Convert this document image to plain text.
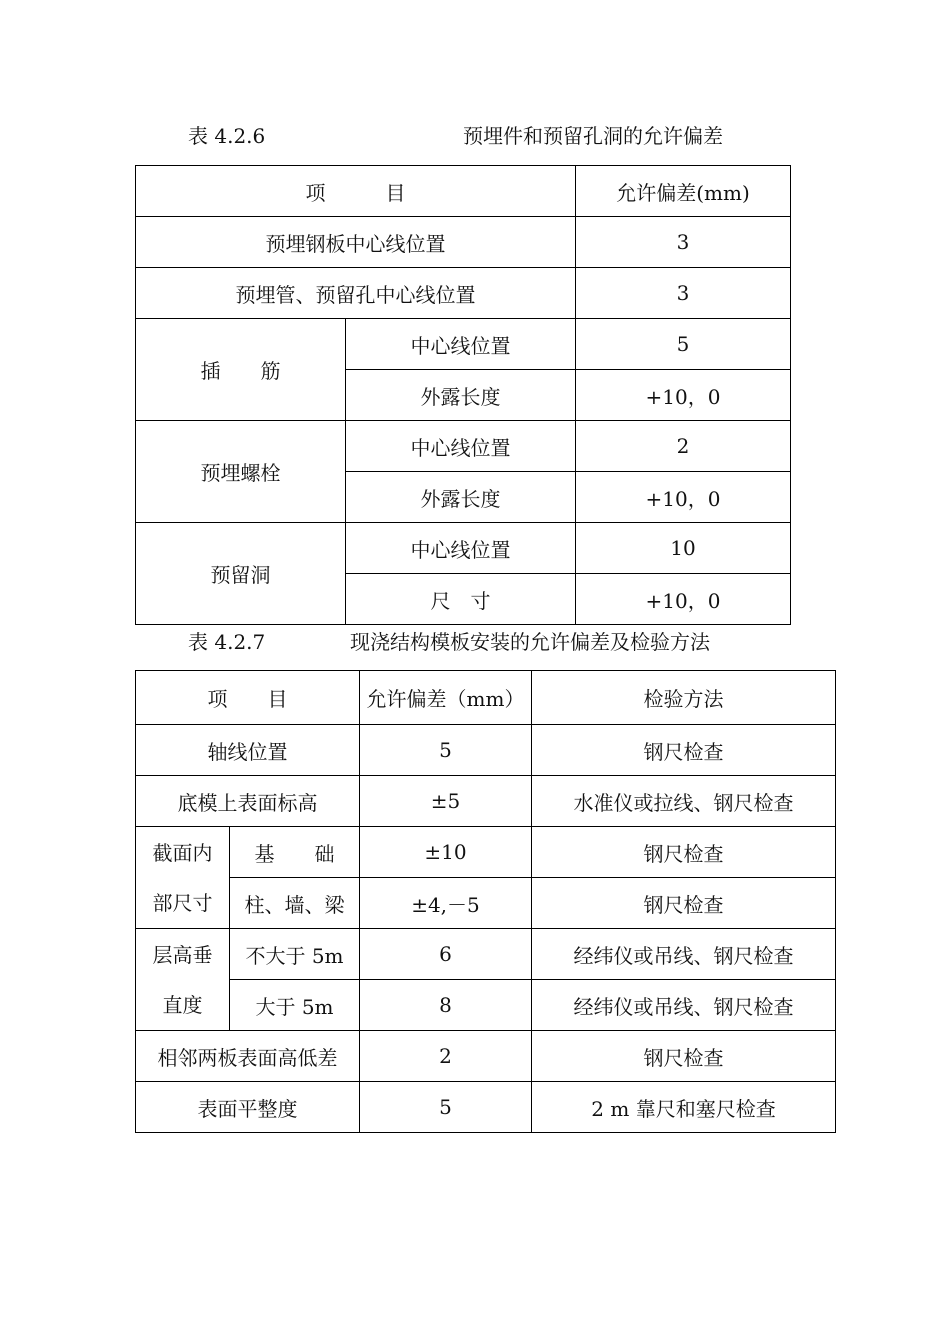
表 4.2.6	预埋件和预留孔洞的允许偏差
项　　　目		允许偏差(mm)
预埋钢板中心线位置		3
预埋管、预留孔中心线位置		3
插　　筋	中心线位置	5
	外露长度	+10，0
预埋螺栓	中心线位置	2
	外露长度	+10，0
预留洞	中心线位置	10
	尺　寸	+10，0
表 4.2.7	现浇结构模板安装的允许偏差及检验方法
项　　目		允许偏差（mm）	检验方法
轴线位置		5	钢尺检查
底模上表面标高		±5	水准仪或拉线、钢尺检查

截面内
部尺寸	基　　础	±10	钢尺检查
	柱、墙、梁	±4,－5	钢尺检查

层高垂
直度	不大于 5m	6	经纬仪或吊线、钢尺检查
	大于 5m	8	经纬仪或吊线、钢尺检查
相邻两板表面高低差		2	钢尺检查
表面平整度		5	2 m 靠尺和塞尺检查
